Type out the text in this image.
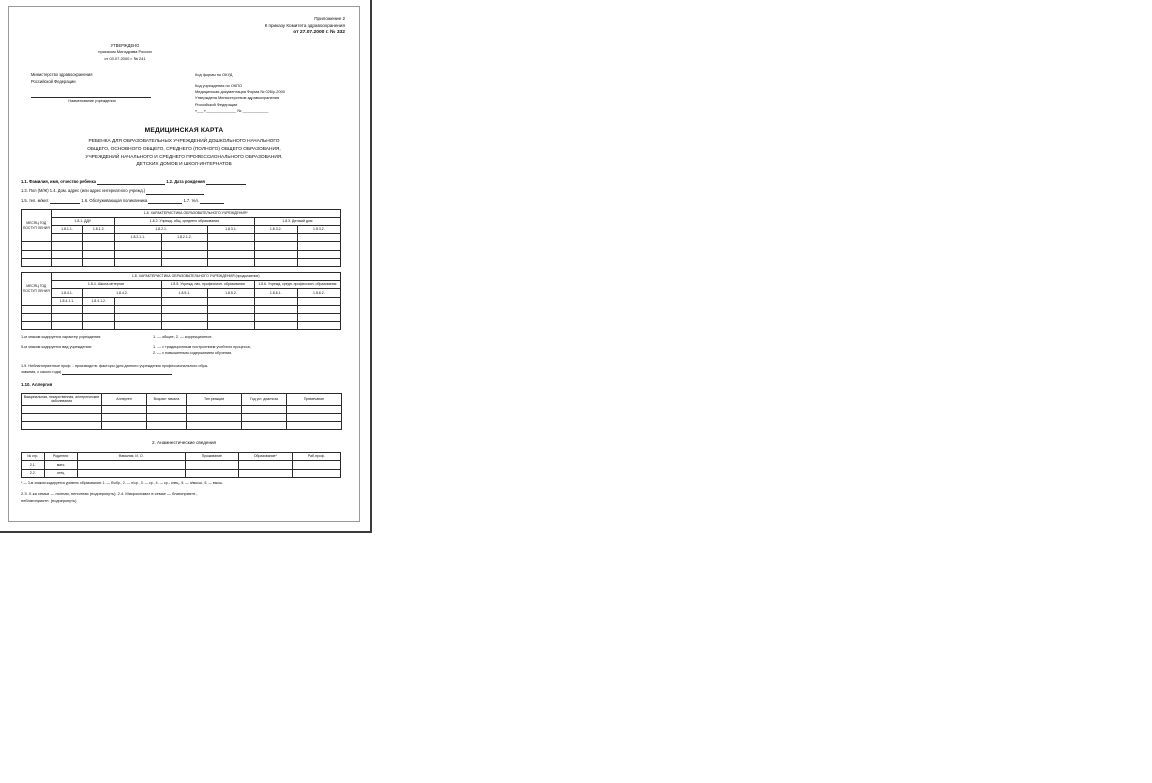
Приложение 2
К приказу Комитета здравоохранения
от 27.07.2000 г. № 332
УТВЕРЖДЕНО
приказом Минздрава России
от 03.07.2000 г. № 241
Министерство здравоохранения
Российской Федерации
Наименование учреждения
Код формы по ОКУД
Код учреждения по ОКПО
Медицинская документация Форма № 026/у-2000
Утверждена Министерством здравоохранения
Российской Федерации
«___»______________ № ____________
МЕДИЦИНСКАЯ КАРТА
РЕБЕНКА ДЛЯ ОБРАЗОВАТЕЛЬНЫХ УЧРЕЖДЕНИЙ ДОШКОЛЬНОГО НАЧАЛЬНОГО
ОБЩЕГО, ОСНОВНОГО ОБЩЕГО, СРЕДНЕГО (ПОЛНОГО) ОБЩЕГО ОБРАЗОВАНИЯ,
УЧРЕЖДЕНИЙ НАЧАЛЬНОГО И СРЕДНЕГО ПРОФЕССИОНАЛЬНОГО ОБРАЗОВАНИЯ,
ДЕТСКИХ ДОМОВ И ШКОЛ-ИНТЕРНАТОВ
1.1. Фамилия, имя, отчество ребенка	1.2. Дата рождения
1.3. Пол (М/Ж) 1.4. Дом. адрес (или адрес интернатного учрежд.)
1.5. тел. м/жит.	1.6. Обслуживающая поликлиника	1.7. тел.
МЕСЯЦ ГОД ПОСТУП ЛЕНИЯ	1.8. ХАРАКТЕРИСТИКА ОБРАЗОВАТЕЛЬНОГО УЧРЕЖДЕНИЯ*						
	1.8.1. ДДУ		1.8.2. Учрежд. общ. среднего образования			1.8.3. Детский дом	
	1.8.1.1.	1.8.1.2.	1.8.2.1.		1.8.3.1.	1.8.3.2.	1.8.3.2.
			1.8.2.1.1.	1.8.2.1.2.			

МЕСЯЦ ГОД ПОСТУП ЛЕНИЯ	1.8. ХАРАКТЕРИСТИКА ОБРАЗОВАТЕЛЬНОГО УЧРЕЖДЕНИЯ (продолжение)						
	1.8.4. Школа-интернат			1.8.5. Учрежд. нач. профессион. образования		1.8.6. Учрежд. средн. профессион. образования	
	1.8.4.1.	1.8.4.2.		1.8.5.1.	1.8.5.2.	1.8.6.1.	1.8.6.2.
	1.8.4.1.1.	1.8.4.1.2.					

1-м знаком кодируется характер учреждения:	1. — общее, 2. — коррекционное.
5-м знаком кодируется вид учреждения:	1. — с традиционным построением учебного процесса,
2. — с повышенным содержанием обучения.
1.9. Неблагоприятные проф. - производств. факторы (для данного учреждения профессионального обра-
зования, с какого года)
1.10. Аллергия
Вакцинальная, лекарственная, аллергические заболевания	Аллерген	Возраст начала	Тип реакции	Год уст. диагноза	Примечание

2. Анамнестические сведения
№ стр.	Родители	Фамилия, И. О.	Проживание	Образование*	Раб.проф.
2.1.	мать				
2.2.	отец				
* — 3-м знаком кодируется уровень образования: 1. — б/обр., 2. — н/ср., 3. — ср., 4. — ср.- спец., 5. — н/высш., 6. — высш.
2.3. Х-ка семьи — полная, неполная (подчеркнуть); 2.4. Микроклимат в семье — благоприятн.,
неблагоприятн. (подчеркнуть)
